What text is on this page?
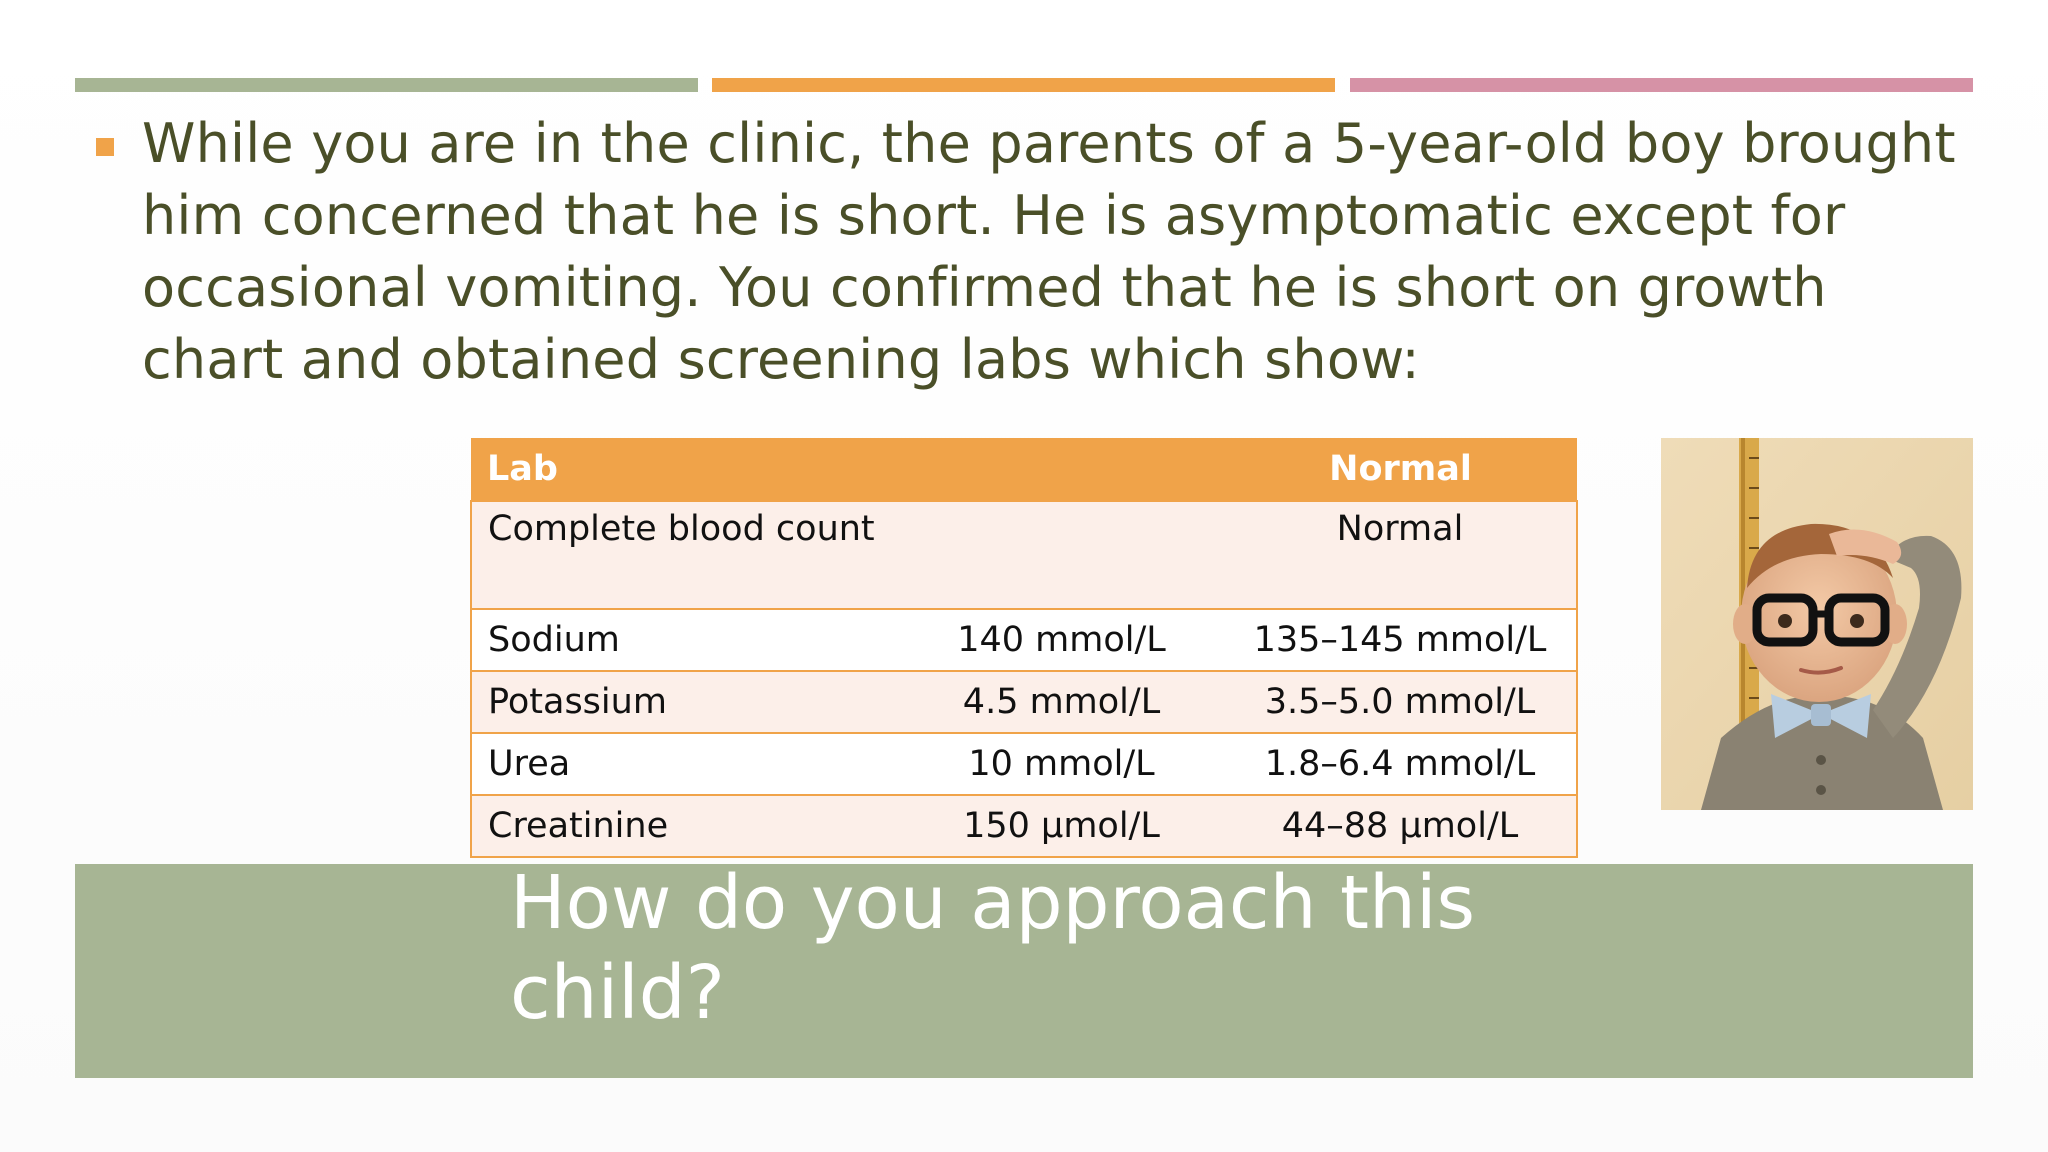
While you are in the clinic, the parents of a 5-year-old boy brought him concerned that he is short. He is asymptomatic except for occasional vomiting. You confirmed that he is short on growth chart and obtained screening labs which show:

Lab		Normal
Complete blood count		Normal
Sodium	140 mmol/L	135–145 mmol/L
Potassium	4.5 mmol/L	3.5–5.0 mmol/L
Urea	10 mmol/L	1.8–6.4 mmol/L
Creatinine	150 μmol/L	44–88 μmol/L

How do you approach this child?
